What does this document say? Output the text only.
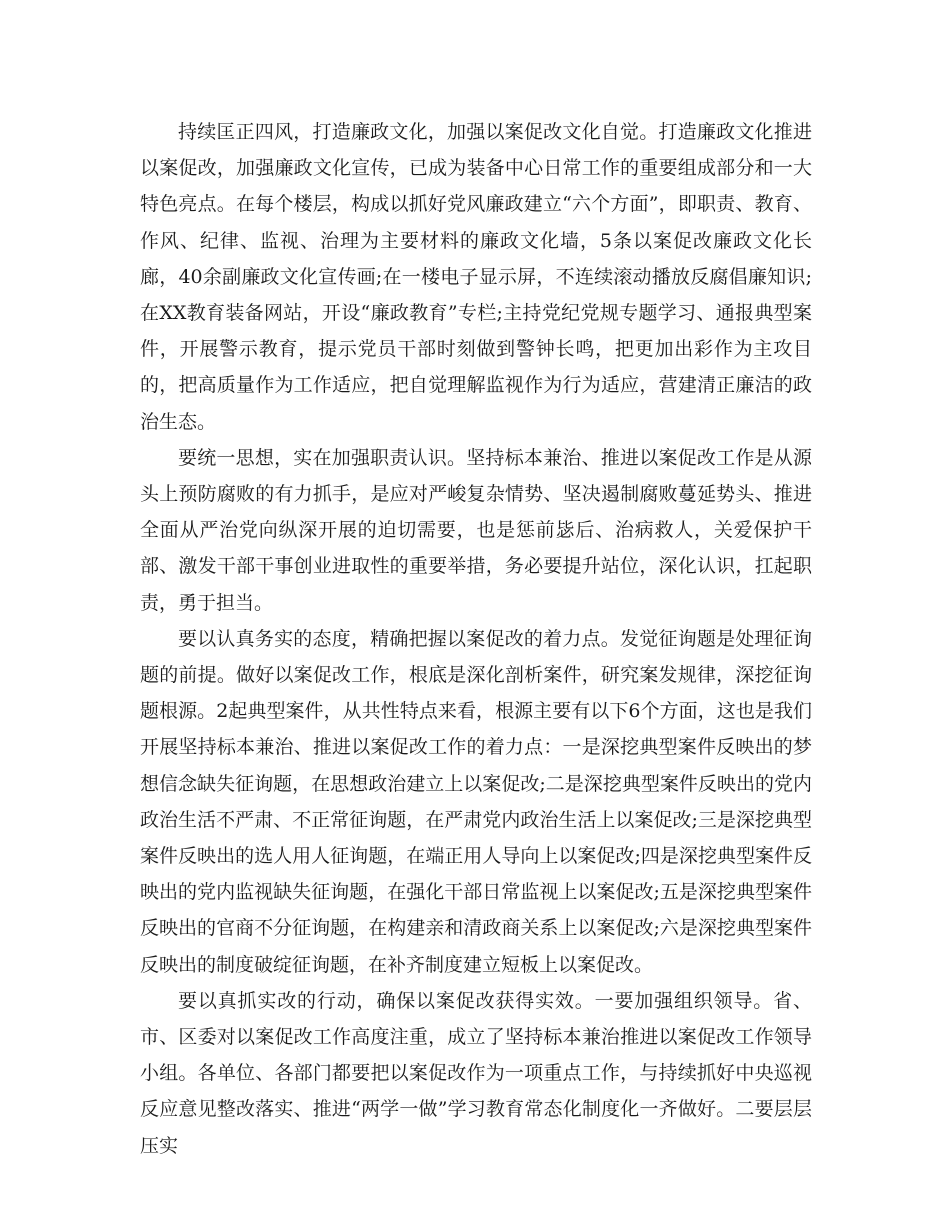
持续匡正四风，打造廉政文化，加强以案促改文化自觉。打造廉政文化推进以案促改，加强廉政文化宣传，已成为装备中心日常工作的重要组成部分和一大特色亮点。在每个楼层，构成以抓好党风廉政建立“六个方面”，即职责、教育、作风、纪律、监视、治理为主要材料的廉政文化墙，5条以案促改廉政文化长廊，40余副廉政文化宣传画;在一楼电子显示屏，不连续滚动播放反腐倡廉知识;在XX教育装备网站，开设“廉政教育”专栏;主持党纪党规专题学习、通报典型案件，开展警示教育，提示党员干部时刻做到警钟长鸣，把更加出彩作为主攻目的，把高质量作为工作适应，把自觉理解监视作为行为适应，营建清正廉洁的政治生态。

要统一思想，实在加强职责认识。坚持标本兼治、推进以案促改工作是从源头上预防腐败的有力抓手，是应对严峻复杂情势、坚决遏制腐败蔓延势头、推进全面从严治党向纵深开展的迫切需要，也是惩前毖后、治病救人，关爱保护干部、激发干部干事创业进取性的重要举措，务必要提升站位，深化认识，扛起职责，勇于担当。

要以认真务实的态度，精确把握以案促改的着力点。发觉征询题是处理征询题的前提。做好以案促改工作，根底是深化剖析案件，研究案发规律，深挖征询题根源。2起典型案件，从共性特点来看，根源主要有以下6个方面，这也是我们开展坚持标本兼治、推进以案促改工作的着力点：一是深挖典型案件反映出的梦想信念缺失征询题，在思想政治建立上以案促改;二是深挖典型案件反映出的党内政治生活不严肃、不正常征询题，在严肃党内政治生活上以案促改;三是深挖典型案件反映出的选人用人征询题，在端正用人导向上以案促改;四是深挖典型案件反映出的党内监视缺失征询题，在强化干部日常监视上以案促改;五是深挖典型案件反映出的官商不分征询题，在构建亲和清政商关系上以案促改;六是深挖典型案件反映出的制度破绽征询题，在补齐制度建立短板上以案促改。

要以真抓实改的行动，确保以案促改获得实效。一要加强组织领导。省、市、区委对以案促改工作高度注重，成立了坚持标本兼治推进以案促改工作领导小组。各单位、各部门都要把以案促改作为一项重点工作，与持续抓好中央巡视反应意见整改落实、推进“两学一做”学习教育常态化制度化一齐做好。二要层层压实
